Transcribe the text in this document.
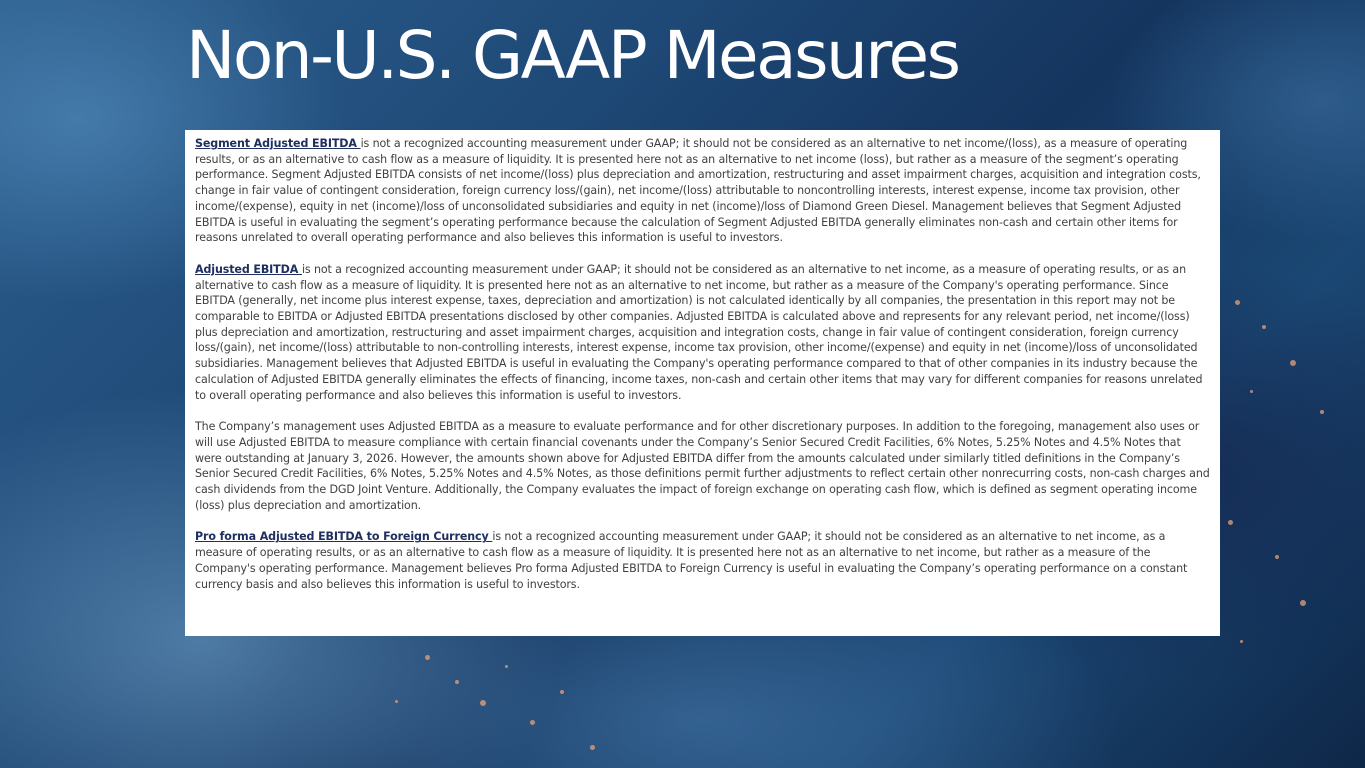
Non-U.S. GAAP Measures

Segment Adjusted EBITDA is not a recognized accounting measurement under GAAP; it should not be considered as an alternative to net income/(loss), as a measure of operating results, or as an alternative to cash flow as a measure of liquidity. It is presented here not as an alternative to net income (loss), but rather as a measure of the segment’s operating performance. Segment Adjusted EBITDA consists of net income/(loss) plus depreciation and amortization, restructuring and asset impairment charges, acquisition and integration costs, change in fair value of contingent consideration, foreign currency loss/(gain), net income/(loss) attributable to noncontrolling interests, interest expense, income tax provision, other income/(expense), equity in net (income)/loss of unconsolidated subsidiaries and equity in net (income)/loss of Diamond Green Diesel. Management believes that Segment Adjusted EBITDA is useful in evaluating the segment’s operating performance because the calculation of Segment Adjusted EBITDA generally eliminates non-cash and certain other items for reasons unrelated to overall operating performance and also believes this information is useful to investors.

Adjusted EBITDA is not a recognized accounting measurement under GAAP; it should not be considered as an alternative to net income, as a measure of operating results, or as an alternative to cash flow as a measure of liquidity. It is presented here not as an alternative to net income, but rather as a measure of the Company's operating performance. Since EBITDA (generally, net income plus interest expense, taxes, depreciation and amortization) is not calculated identically by all companies, the presentation in this report may not be comparable to EBITDA or Adjusted EBITDA presentations disclosed by other companies. Adjusted EBITDA is calculated above and represents for any relevant period, net income/(loss) plus depreciation and amortization, restructuring and asset impairment charges, acquisition and integration costs, change in fair value of contingent consideration, foreign currency loss/(gain), net income/(loss) attributable to non-controlling interests, interest expense, income tax provision, other income/(expense) and equity in net (income)/loss of unconsolidated subsidiaries. Management believes that Adjusted EBITDA is useful in evaluating the Company's operating performance compared to that of other companies in its industry because the calculation of Adjusted EBITDA generally eliminates the effects of financing, income taxes, non-cash and certain other items that may vary for different companies for reasons unrelated to overall operating performance and also believes this information is useful to investors.

The Company’s management uses Adjusted EBITDA as a measure to evaluate performance and for other discretionary purposes. In addition to the foregoing, management also uses or will use Adjusted EBITDA to measure compliance with certain financial covenants under the Company’s Senior Secured Credit Facilities, 6% Notes, 5.25% Notes and 4.5% Notes that were outstanding at January 3, 2026. However, the amounts shown above for Adjusted EBITDA differ from the amounts calculated under similarly titled definitions in the Company’s Senior Secured Credit Facilities, 6% Notes, 5.25% Notes and 4.5% Notes, as those definitions permit further adjustments to reflect certain other nonrecurring costs, non-cash charges and cash dividends from the DGD Joint Venture. Additionally, the Company evaluates the impact of foreign exchange on operating cash flow, which is defined as segment operating income (loss) plus depreciation and amortization.

Pro forma Adjusted EBITDA to Foreign Currency is not a recognized accounting measurement under GAAP; it should not be considered as an alternative to net income, as a measure of operating results, or as an alternative to cash flow as a measure of liquidity. It is presented here not as an alternative to net income, but rather as a measure of the Company's operating performance. Management believes Pro forma Adjusted EBITDA to Foreign Currency is useful in evaluating the Company’s operating performance on a constant currency basis and also believes this information is useful to investors.
